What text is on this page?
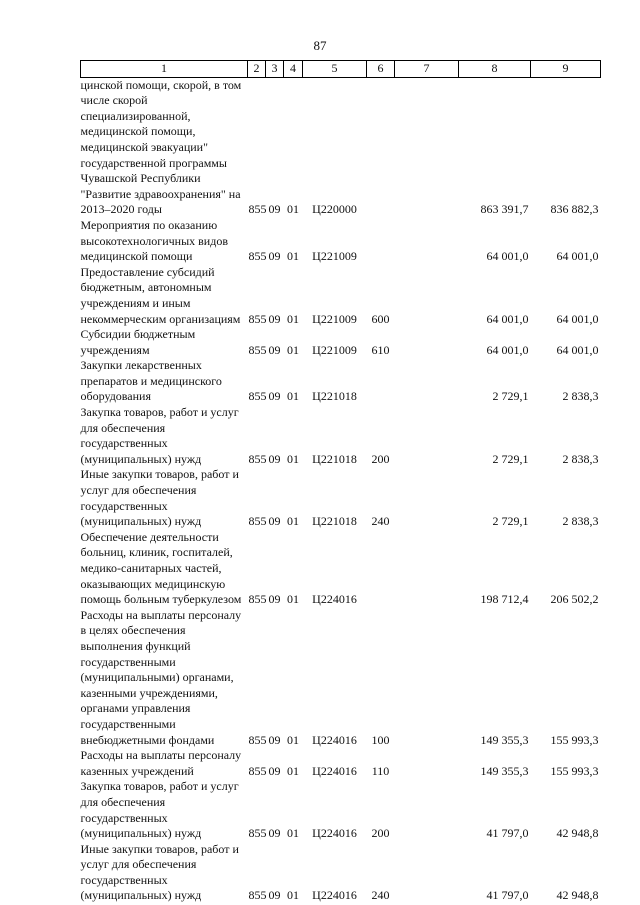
87
1	2	3	4	5	6	7	8	9
цинской помощи, скорой, в том числе скорой специализированной, медицинской помощи, медицинской эвакуации" государственной программы Чувашской Республики "Развитие здравоохранения" на 2013–2020 годы	855	09	01	Ц220000			863 391,7	836 882,3
Мероприятия по оказанию высокотехнологичных видов медицинской помощи	855	09	01	Ц221009			64 001,0	64 001,0
Предоставление субсидий бюджетным, автономным учреждениям и иным некоммерческим организациям	855	09	01	Ц221009	600		64 001,0	64 001,0
Субсидии бюджетным учреждениям	855	09	01	Ц221009	610		64 001,0	64 001,0
Закупки лекарственных препаратов и медицинского оборудования	855	09	01	Ц221018			2 729,1	2 838,3
Закупка товаров, работ и услуг для обеспечения государственных (муниципальных) нужд	855	09	01	Ц221018	200		2 729,1	2 838,3
Иные закупки товаров, работ и услуг для обеспечения государственных (муниципальных) нужд	855	09	01	Ц221018	240		2 729,1	2 838,3
Обеспечение деятельности больниц, клиник, госпиталей, медико-санитарных частей, оказывающих медицинскую помощь больным туберкулезом	855	09	01	Ц224016			198 712,4	206 502,2
Расходы на выплаты персоналу в целях обеспечения выполнения функций государственными (муниципальными) органами, казенными учреждениями, органами управления государственными внебюджетными фондами	855	09	01	Ц224016	100		149 355,3	155 993,3
Расходы на выплаты персоналу казенных учреждений	855	09	01	Ц224016	110		149 355,3	155 993,3
Закупка товаров, работ и услуг для обеспечения государственных (муниципальных) нужд	855	09	01	Ц224016	200		41 797,0	42 948,8
Иные закупки товаров, работ и услуг для обеспечения государственных (муниципальных) нужд	855	09	01	Ц224016	240		41 797,0	42 948,8
